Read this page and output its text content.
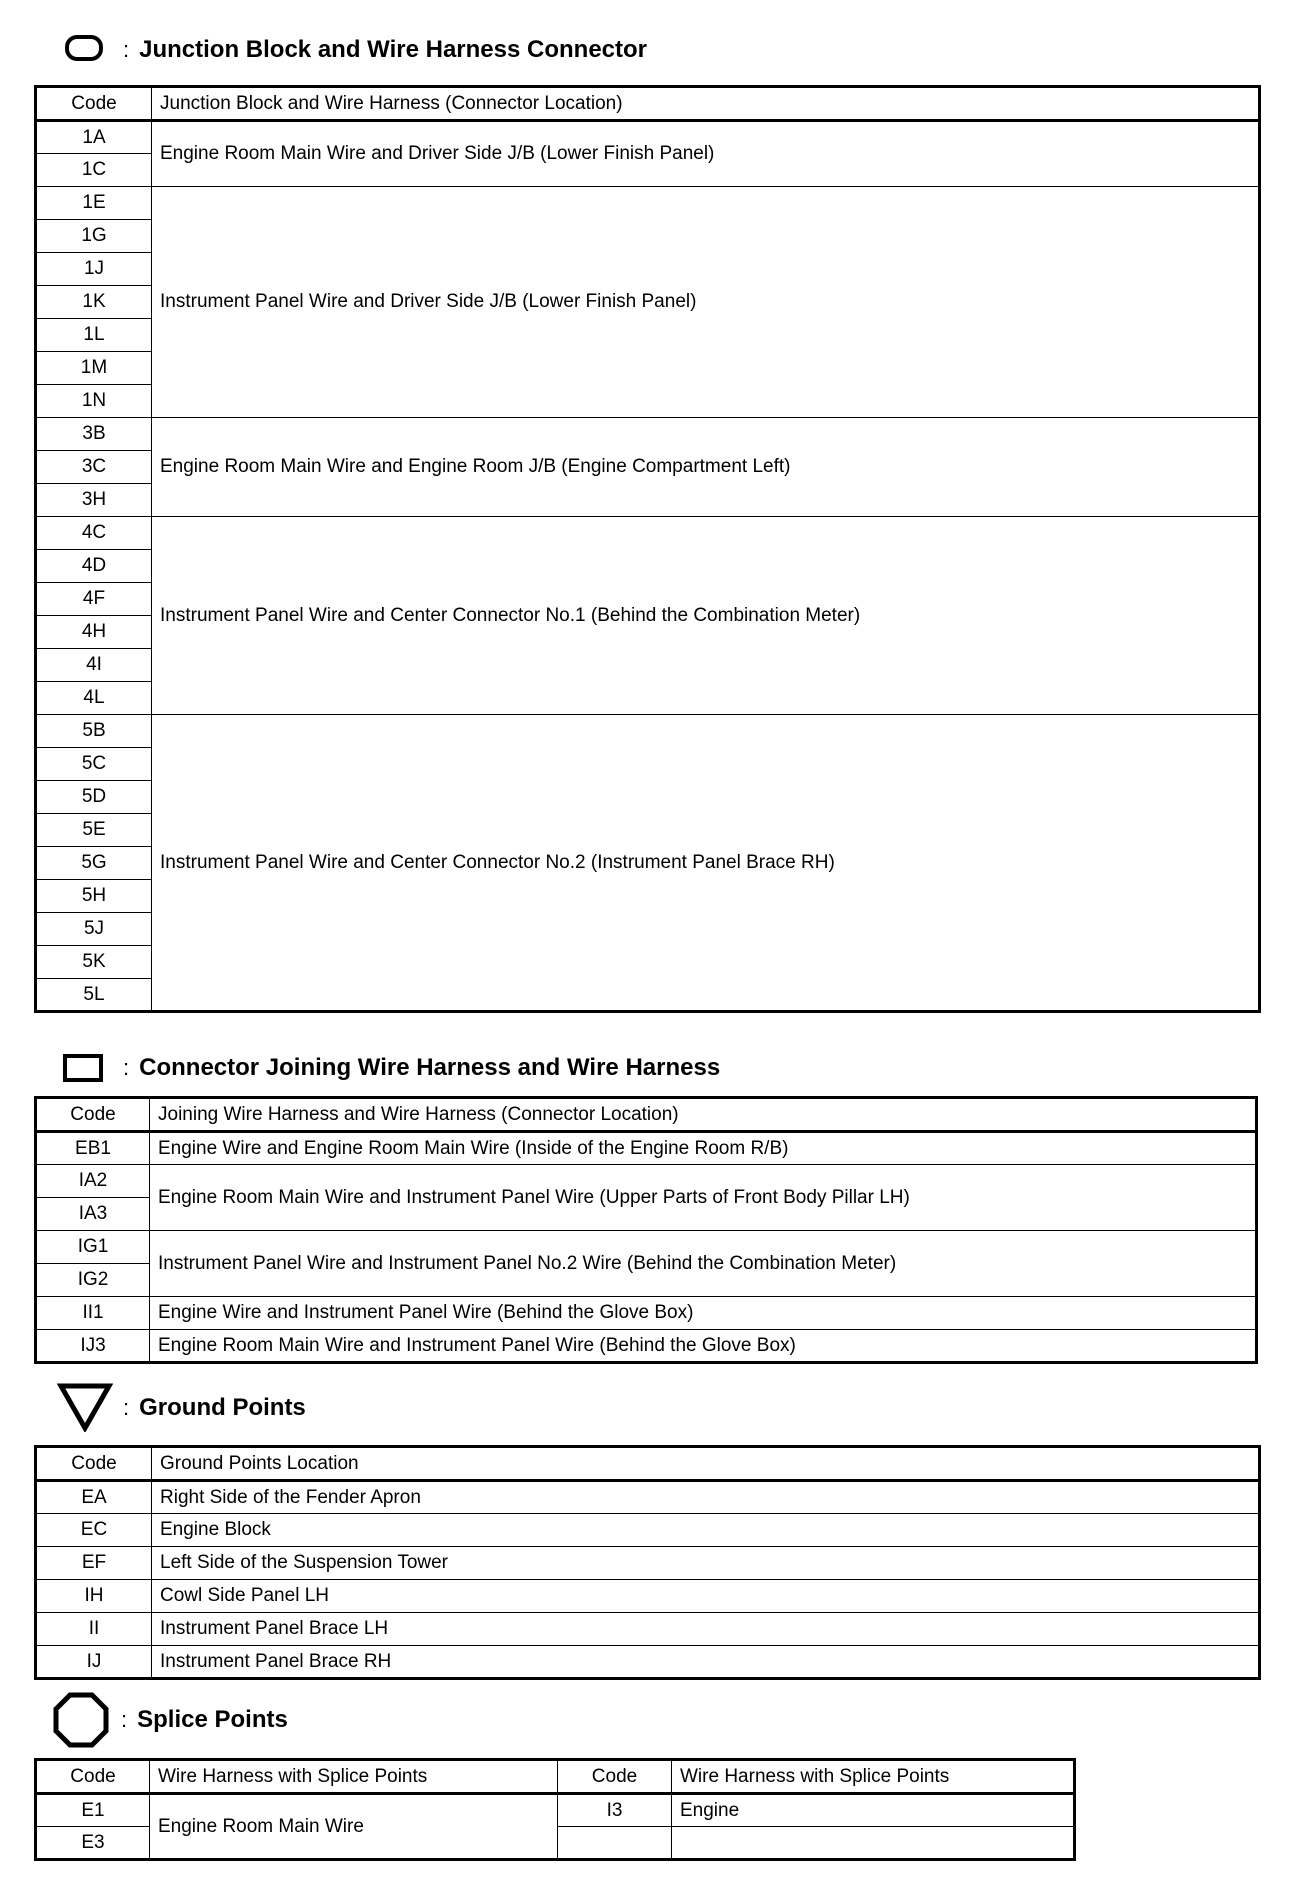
: Junction Block and Wire Harness Connector
Code	Junction Block and Wire Harness (Connector Location)
1A	Engine Room Main Wire and Driver Side J/B (Lower Finish Panel)
1C	
1E	Instrument Panel Wire and Driver Side J/B (Lower Finish Panel)
1G	
1J	
1K	
1L	
1M	
1N	
3B	Engine Room Main Wire and Engine Room J/B (Engine Compartment Left)
3C	
3H	
4C	Instrument Panel Wire and Center Connector No.1 (Behind the Combination Meter)
4D	
4F	
4H	
4I	
4L	
5B	Instrument Panel Wire and Center Connector No.2 (Instrument Panel Brace RH)
5C	
5D	
5E	
5G	
5H	
5J	
5K	
5L	
: Connector Joining Wire Harness and Wire Harness
Code	Joining Wire Harness and Wire Harness (Connector Location)
EB1	Engine Wire and Engine Room Main Wire (Inside of the Engine Room R/B)
IA2	Engine Room Main Wire and Instrument Panel Wire (Upper Parts of Front Body Pillar LH)
IA3	
IG1	Instrument Panel Wire and Instrument Panel No.2 Wire (Behind the Combination Meter)
IG2	
II1	Engine Wire and Instrument Panel Wire (Behind the Glove Box)
IJ3	Engine Room Main Wire and Instrument Panel Wire (Behind the Glove Box)
: Ground Points
Code	Ground Points Location
EA	Right Side of the Fender Apron
EC	Engine Block
EF	Left Side of the Suspension Tower
IH	Cowl Side Panel LH
II	Instrument Panel Brace LH
IJ	Instrument Panel Brace RH
: Splice Points
Code	Wire Harness with Splice Points	Code	Wire Harness with Splice Points
E1	Engine Room Main Wire	I3	Engine
E3			
